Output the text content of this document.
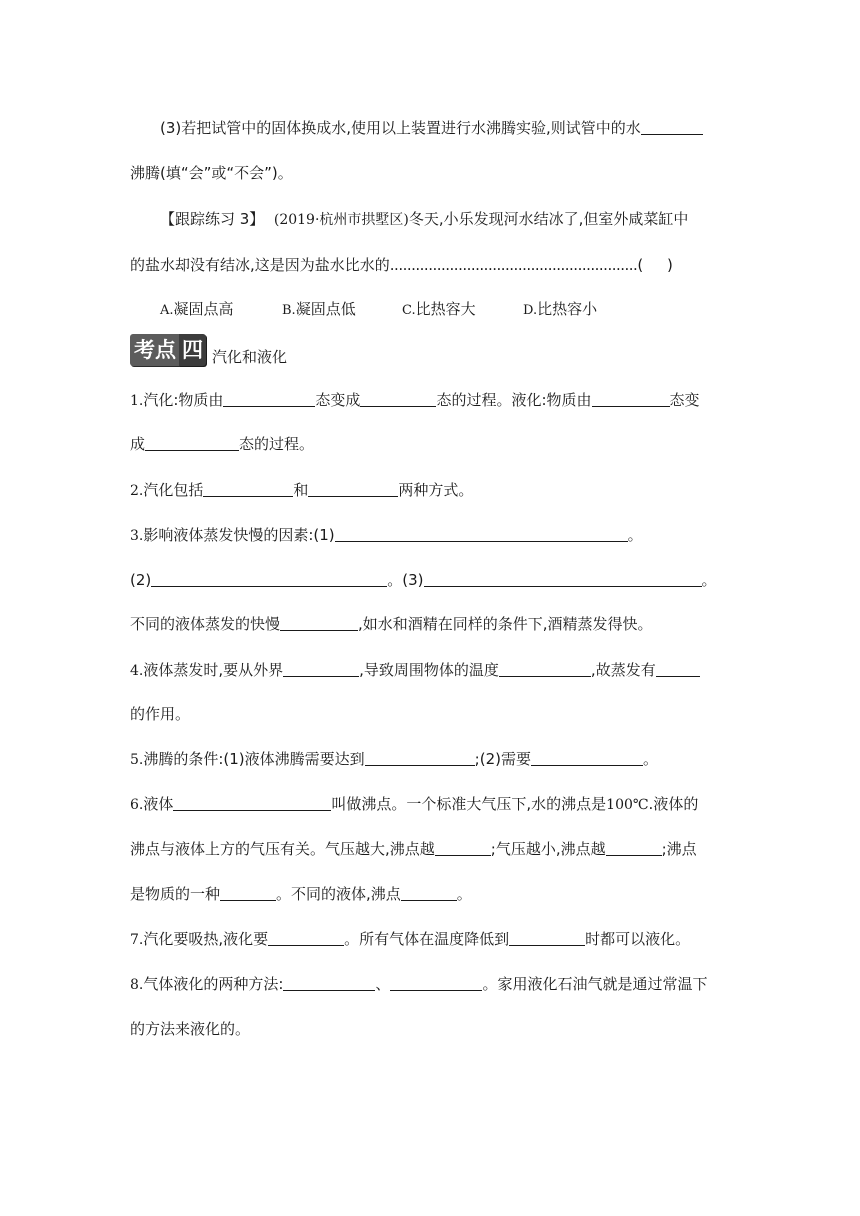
(3)若把试管中的固体换成水,使用以上装置进行水沸腾实验,则试管中的水
沸腾(填“会”或“不会”)。
【跟踪练习 3】 (2019·杭州市拱墅区)冬天,小乐发现河水结冰了,但室外咸菜缸中
的盐水却没有结冰,这是因为盐水比水的..........................................................(     )
A.凝固点高	B.凝固点低	C.比热容大	D.比热容小
考点 四 汽化和液化
1.汽化:物质由	态变成	态的过程。液化:物质由	态变
成	态的过程。
2.汽化包括	和	两种方式。
3.影响液体蒸发快慢的因素:(1)	。
(2)	。(3)	。
不同的液体蒸发的快慢	,如水和酒精在同样的条件下,酒精蒸发得快。
4.液体蒸发时,要从外界	,导致周围物体的温度	,故蒸发有
的作用。
5.沸腾的条件:(1)液体沸腾需要达到	;(2)需要	。
6.液体	叫做沸点。一个标准大气压下,水的沸点是100℃.液体的
沸点与液体上方的气压有关。气压越大,沸点越	;气压越小,沸点越	;沸点
是物质的一种	。不同的液体,沸点	。
7.汽化要吸热,液化要	。所有气体在温度降低到	时都可以液化。
8.气体液化的两种方法:	、	。家用液化石油气就是通过常温下
的方法来液化的。
